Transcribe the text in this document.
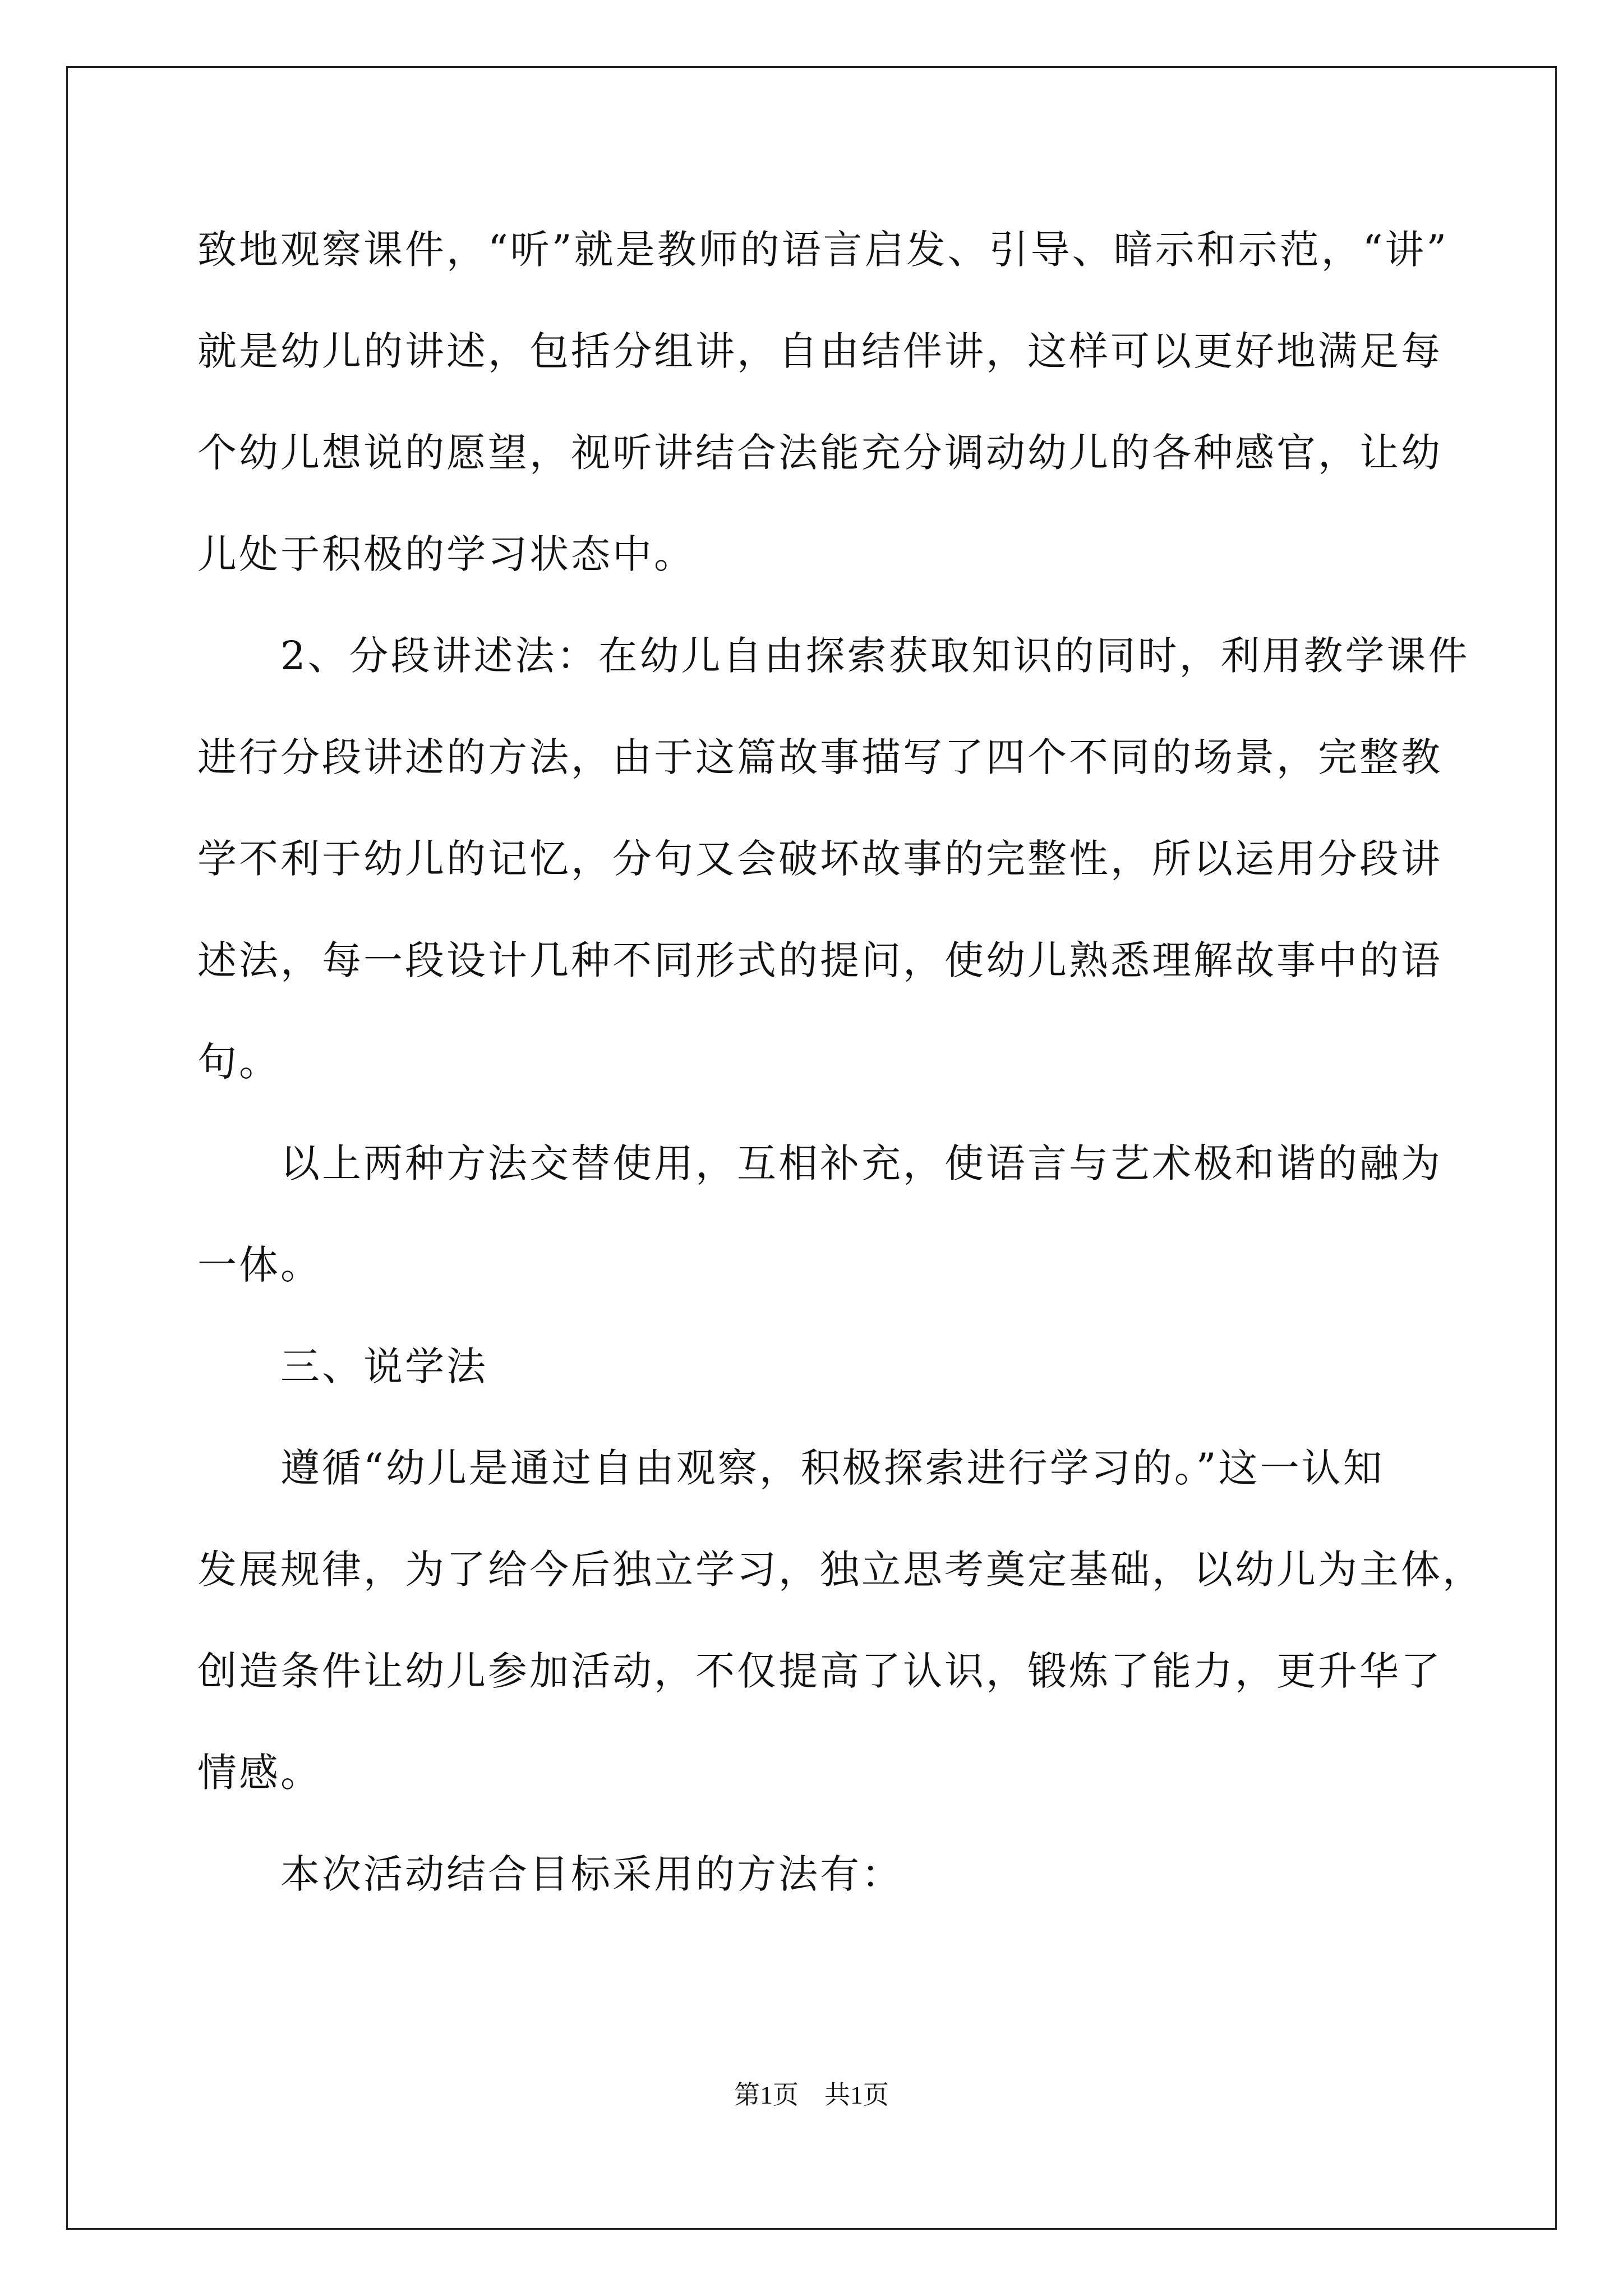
致地观察课件，“听”就是教师的语言启发、引导、暗示和示范，“讲”
就是幼儿的讲述，包括分组讲，自由结伴讲，这样可以更好地满足每
个幼儿想说的愿望，视听讲结合法能充分调动幼儿的各种感官，让幼
儿处于积极的学习状态中。
2、分段讲述法：在幼儿自由探索获取知识的同时，利用教学课件
进行分段讲述的方法，由于这篇故事描写了四个不同的场景，完整教
学不利于幼儿的记忆，分句又会破坏故事的完整性，所以运用分段讲
述法，每一段设计几种不同形式的提问，使幼儿熟悉理解故事中的语
句。
以上两种方法交替使用，互相补充，使语言与艺术极和谐的融为
一体。
三、说学法
遵循“幼儿是通过自由观察，积极探索进行学习的。”这一认知
发展规律，为了给今后独立学习，独立思考奠定基础，以幼儿为主体，
创造条件让幼儿参加活动，不仅提高了认识，锻炼了能力，更升华了
情感。
本次活动结合目标采用的方法有：
第1页　共1页
